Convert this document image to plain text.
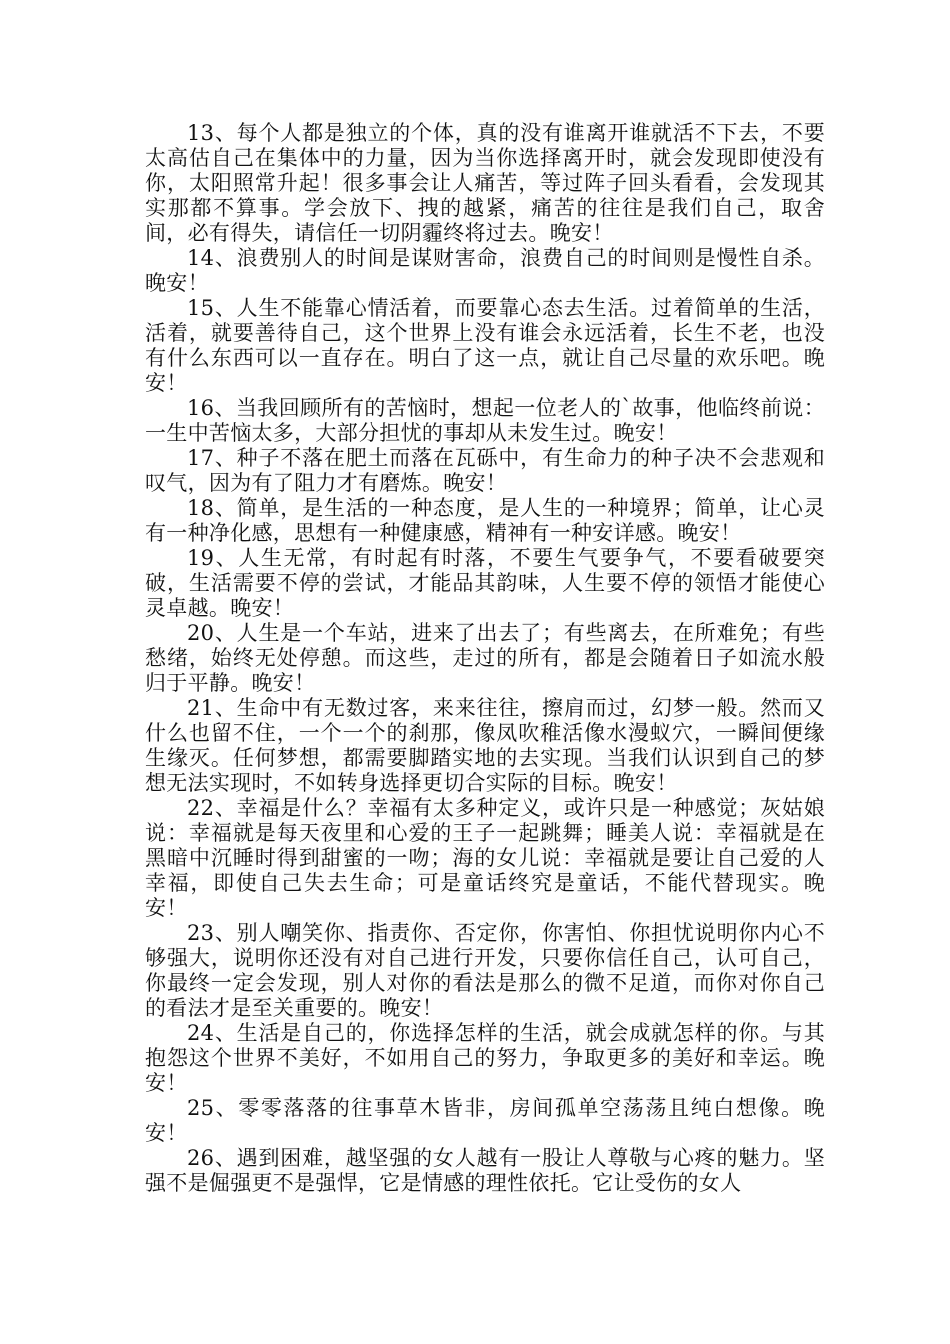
13、每个人都是独立的个体，真的没有谁离开谁就活不下去，不要太高估自己在集体中的力量，因为当你选择离开时，就会发现即使没有你，太阳照常升起！很多事会让人痛苦，等过阵子回头看看，会发现其实那都不算事。学会放下、拽的越紧，痛苦的往往是我们自己，取舍间，必有得失，请信任一切阴霾终将过去。晚安！

14、浪费别人的时间是谋财害命，浪费自己的时间则是慢性自杀。晚安！

15、人生不能靠心情活着，而要靠心态去生活。过着简单的生活，活着，就要善待自己，这个世界上没有谁会永远活着，长生不老，也没有什么东西可以一直存在。明白了这一点，就让自己尽量的欢乐吧。晚安！

16、当我回顾所有的苦恼时，想起一位老人的`故事，他临终前说：一生中苦恼太多，大部分担忧的事却从未发生过。晚安！

17、种子不落在肥土而落在瓦砾中，有生命力的种子决不会悲观和叹气，因为有了阻力才有磨炼。晚安！

18、简单，是生活的一种态度，是人生的一种境界；简单，让心灵有一种净化感，思想有一种健康感，精神有一种安详感。晚安！

19、人生无常，有时起有时落，不要生气要争气，不要看破要突破，生活需要不停的尝试，才能品其韵味，人生要不停的领悟才能使心灵卓越。晚安！

20、人生是一个车站，进来了出去了；有些离去，在所难免；有些愁绪，始终无处停憩。而这些，走过的所有，都是会随着日子如流水般归于平静。晚安！

21、生命中有无数过客，来来往往，擦肩而过，幻梦一般。然而又什么也留不住，一个一个的刹那，像凤吹稚活像水漫蚁穴，一瞬间便缘生缘灭。任何梦想，都需要脚踏实地的去实现。当我们认识到自己的梦想无法实现时，不如转身选择更切合实际的目标。晚安！

22、幸福是什么？幸福有太多种定义，或许只是一种感觉；灰姑娘说：幸福就是每天夜里和心爱的王子一起跳舞；睡美人说：幸福就是在黑暗中沉睡时得到甜蜜的一吻；海的女儿说：幸福就是要让自己爱的人幸福，即使自己失去生命；可是童话终究是童话，不能代替现实。晚安！

23、别人嘲笑你、指责你、否定你，你害怕、你担忧说明你内心不够强大，说明你还没有对自己进行开发，只要你信任自己，认可自己，你最终一定会发现，别人对你的看法是那么的微不足道，而你对你自己的看法才是至关重要的。晚安！

24、生活是自己的，你选择怎样的生活，就会成就怎样的你。与其抱怨这个世界不美好，不如用自己的努力，争取更多的美好和幸运。晚安！

25、零零落落的往事草木皆非，房间孤单空荡荡且纯白想像。晚安！

26、遇到困难，越坚强的女人越有一股让人尊敬与心疼的魅力。坚强不是倔强更不是强悍，它是情感的理性依托。它让受伤的女人
